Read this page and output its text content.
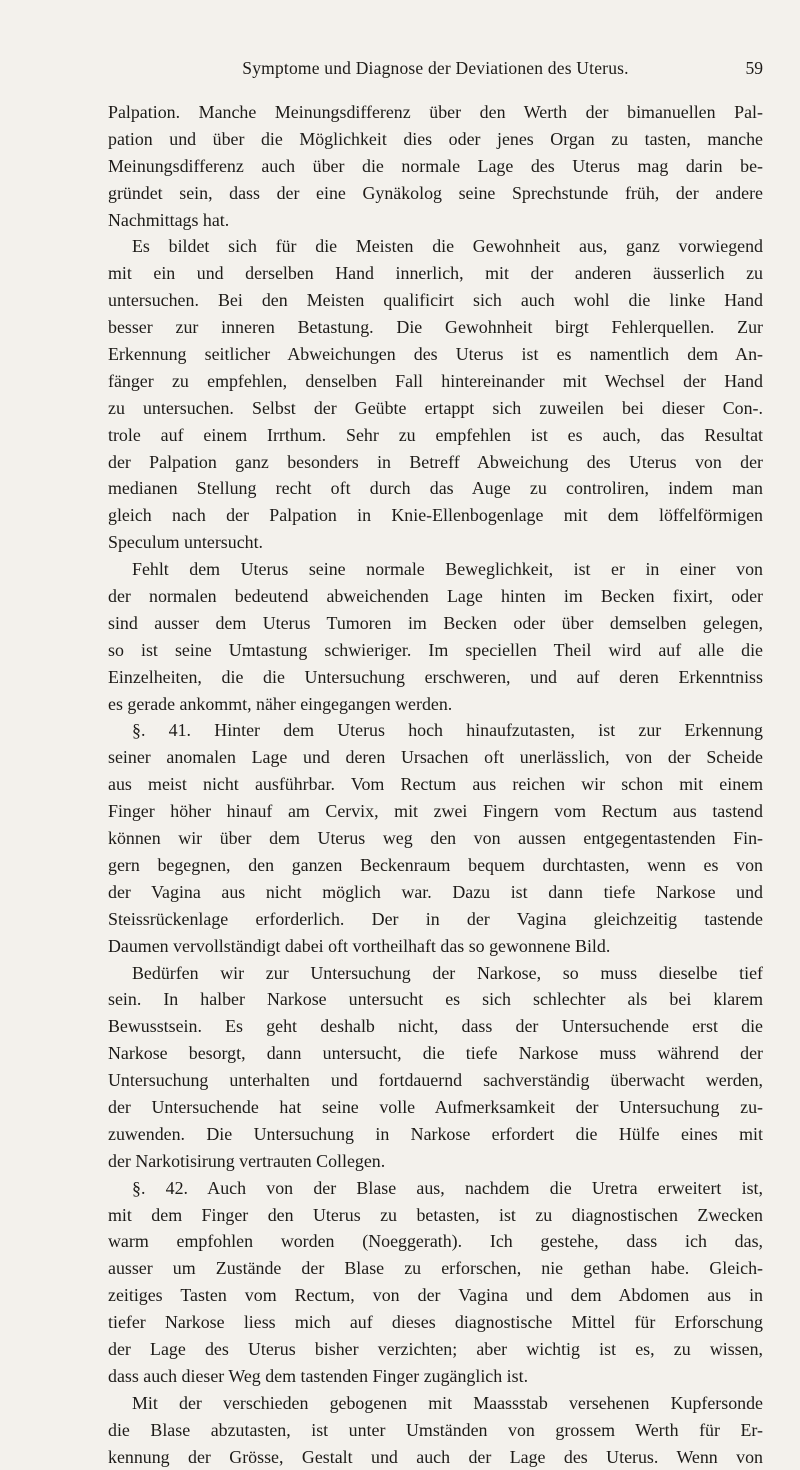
Symptome und Diagnose der Deviationen des Uterus.	59
Palpation. Manche Meinungsdifferenz über den Werth der bimanuellen Pal-
pation und über die Möglichkeit dies oder jenes Organ zu tasten, manche
Meinungsdifferenz auch über die normale Lage des Uterus mag darin be-
gründet sein, dass der eine Gynäkolog seine Sprechstunde früh, der andere
Nachmittags hat.
Es bildet sich für die Meisten die Gewohnheit aus, ganz vorwiegend
mit ein und derselben Hand innerlich, mit der anderen äusserlich zu
untersuchen. Bei den Meisten qualificirt sich auch wohl die linke Hand
besser zur inneren Betastung. Die Gewohnheit birgt Fehlerquellen. Zur
Erkennung seitlicher Abweichungen des Uterus ist es namentlich dem An-
fänger zu empfehlen, denselben Fall hintereinander mit Wechsel der Hand
zu untersuchen. Selbst der Geübte ertappt sich zuweilen bei dieser Con-.
trole auf einem Irrthum. Sehr zu empfehlen ist es auch, das Resultat
der Palpation ganz besonders in Betreff Abweichung des Uterus von der
medianen Stellung recht oft durch das Auge zu controliren, indem man
gleich nach der Palpation in Knie-Ellenbogenlage mit dem löffelförmigen
Speculum untersucht.
Fehlt dem Uterus seine normale Beweglichkeit, ist er in einer von
der normalen bedeutend abweichenden Lage hinten im Becken fixirt, oder
sind ausser dem Uterus Tumoren im Becken oder über demselben gelegen,
so ist seine Umtastung schwieriger. Im speciellen Theil wird auf alle die
Einzelheiten, die die Untersuchung erschweren, und auf deren Erkenntniss
es gerade ankommt, näher eingegangen werden.
§. 41. Hinter dem Uterus hoch hinaufzutasten, ist zur Erkennung
seiner anomalen Lage und deren Ursachen oft unerlässlich, von der Scheide
aus meist nicht ausführbar. Vom Rectum aus reichen wir schon mit einem
Finger höher hinauf am Cervix, mit zwei Fingern vom Rectum aus tastend
können wir über dem Uterus weg den von aussen entgegentastenden Fin-
gern begegnen, den ganzen Beckenraum bequem durchtasten, wenn es von
der Vagina aus nicht möglich war. Dazu ist dann tiefe Narkose und
Steissrückenlage erforderlich. Der in der Vagina gleichzeitig tastende
Daumen vervollständigt dabei oft vortheilhaft das so gewonnene Bild.
Bedürfen wir zur Untersuchung der Narkose, so muss dieselbe tief
sein. In halber Narkose untersucht es sich schlechter als bei klarem
Bewusstsein. Es geht deshalb nicht, dass der Untersuchende erst die
Narkose besorgt, dann untersucht, die tiefe Narkose muss während der
Untersuchung unterhalten und fortdauernd sachverständig überwacht werden,
der Untersuchende hat seine volle Aufmerksamkeit der Untersuchung zu-
zuwenden. Die Untersuchung in Narkose erfordert die Hülfe eines mit
der Narkotisirung vertrauten Collegen.
§. 42. Auch von der Blase aus, nachdem die Uretra erweitert ist,
mit dem Finger den Uterus zu betasten, ist zu diagnostischen Zwecken
warm empfohlen worden (Noeggerath). Ich gestehe, dass ich das,
ausser um Zustände der Blase zu erforschen, nie gethan habe. Gleich-
zeitiges Tasten vom Rectum, von der Vagina und dem Abdomen aus in
tiefer Narkose liess mich auf dieses diagnostische Mittel für Erforschung
der Lage des Uterus bisher verzichten; aber wichtig ist es, zu wissen,
dass auch dieser Weg dem tastenden Finger zugänglich ist.
Mit der verschieden gebogenen mit Maassstab versehenen Kupfersonde
die Blase abzutasten, ist unter Umständen von grossem Werth für Er-
kennung der Grösse, Gestalt und auch der Lage des Uterus. Wenn von
